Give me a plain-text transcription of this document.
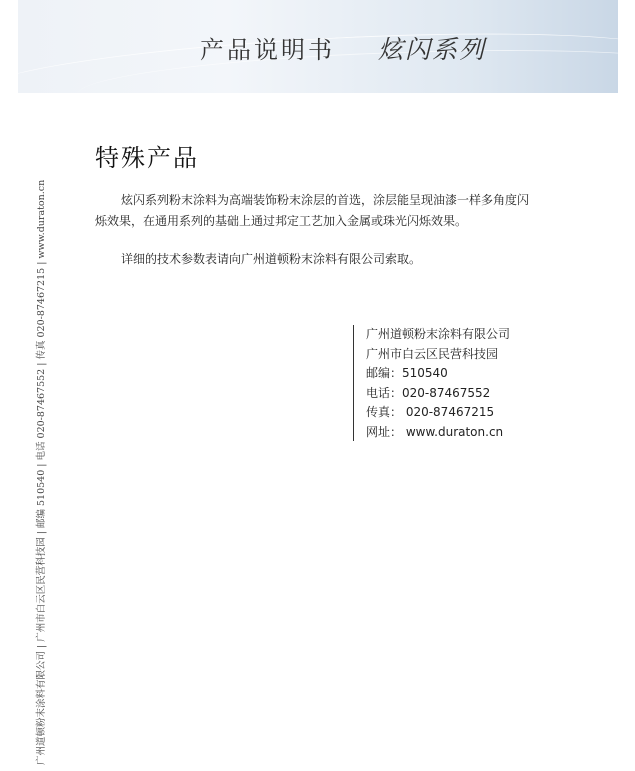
产品说明书 炫闪系列
广州道顿粉末涂料有限公司 | 广州市白云区民营科技园 | 邮编 510540 | 电话 020-87467552 | 传真 020-87467215 | www.duraton.cn
特殊产品

炫闪系列粉末涂料为高端装饰粉末涂层的首选，涂层能呈现油漆一样多角度闪烁效果，在通用系列的基础上通过邦定工艺加入金属或珠光闪烁效果。

详细的技术参数表请向广州道顿粉末涂料有限公司索取。

广州道顿粉末涂料有限公司
广州市白云区民营科技园
邮编：510540
电话：020-87467552
传真： 020-87467215
网址： www.duraton.cn
